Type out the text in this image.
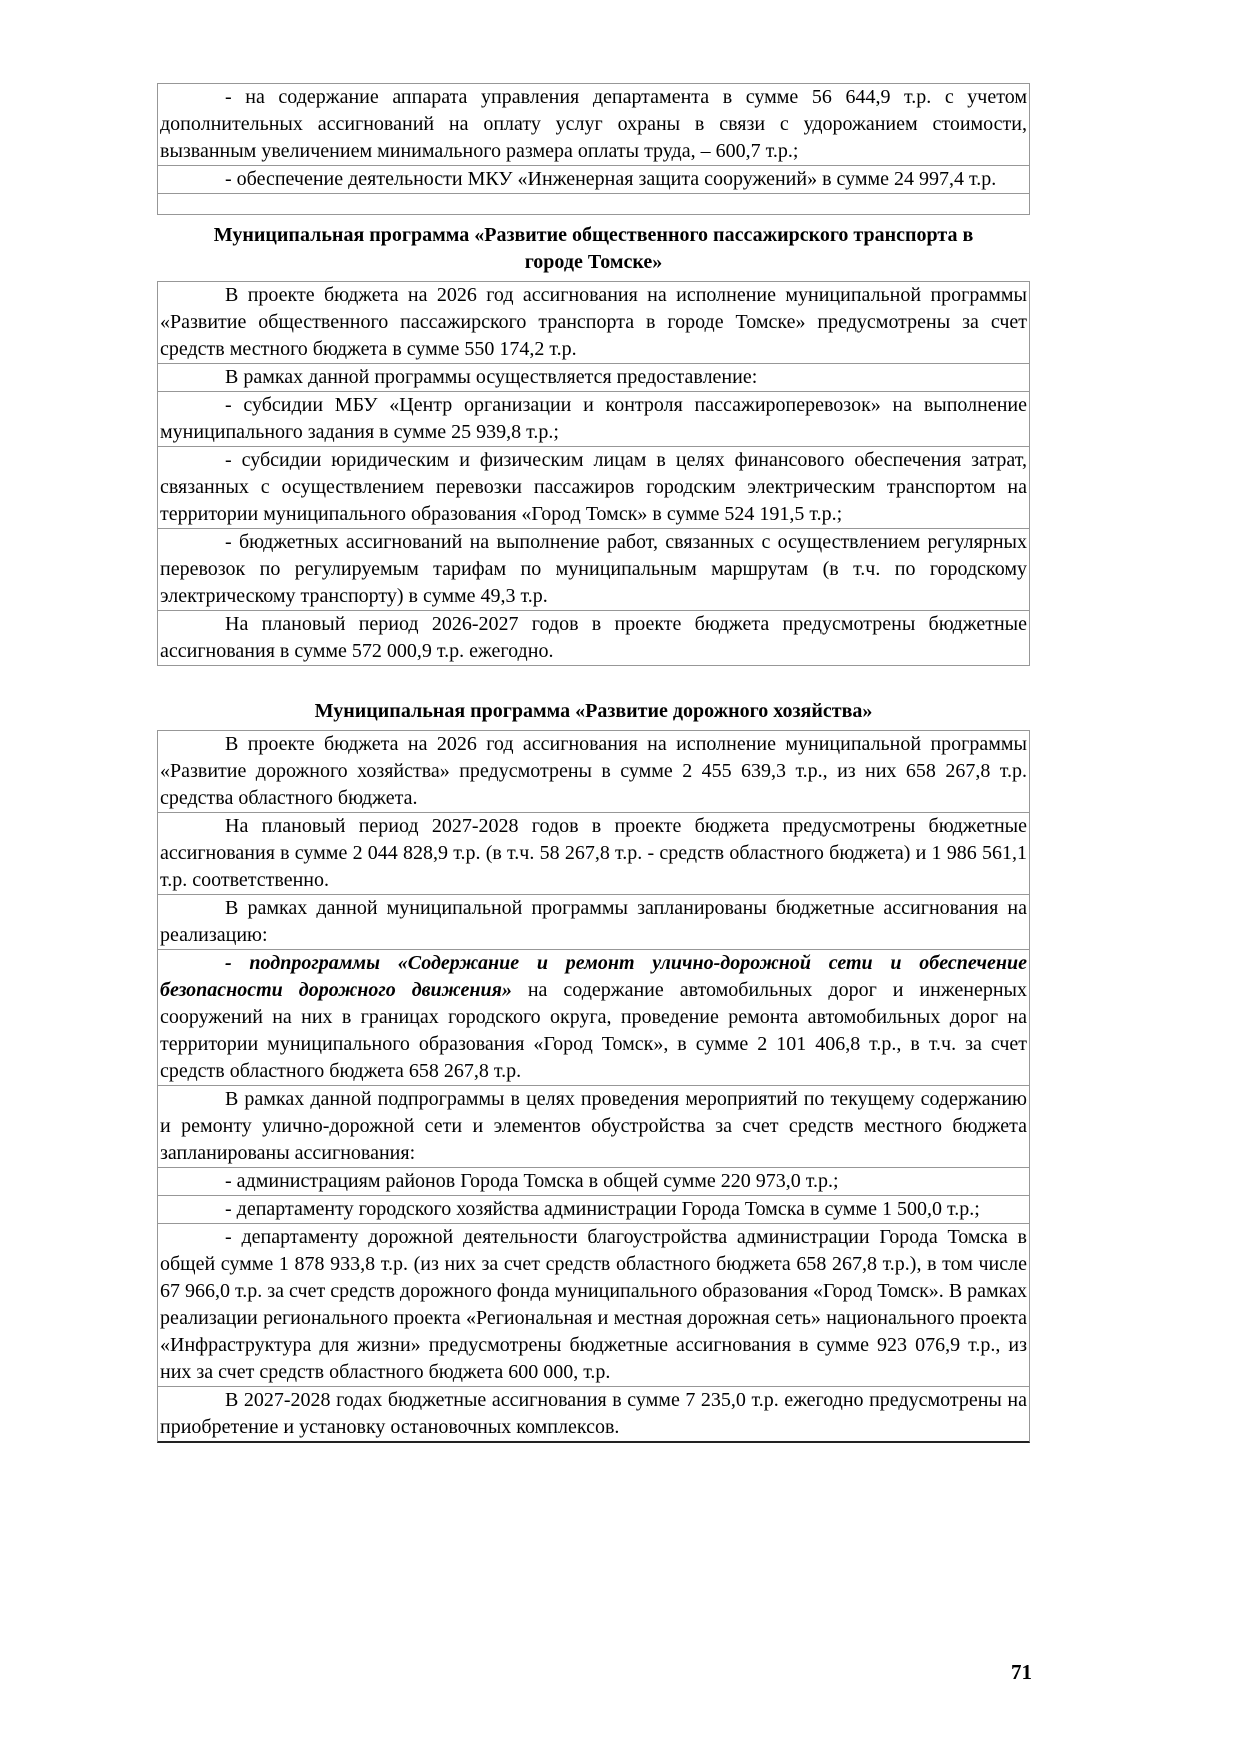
- на содержание аппарата управления департамента в сумме 56 644,9 т.р. с учетом дополнительных ассигнований на оплату услуг охраны в связи с удорожанием стоимости, вызванным увеличением минимального размера оплаты труда, – 600,7 т.р.;
- обеспечение деятельности МКУ «Инженерная защита сооружений» в сумме 24 997,4 т.р.
Муниципальная программа «Развитие общественного пассажирского транспорта в городе Томске»
В проекте бюджета на 2026 год ассигнования на исполнение муниципальной программы «Развитие общественного пассажирского транспорта в городе Томске» предусмотрены за счет средств местного бюджета в сумме 550 174,2 т.р.
В рамках данной программы осуществляется предоставление:
- субсидии МБУ «Центр организации и контроля пассажироперевозок» на выполнение муниципального задания в сумме 25 939,8 т.р.;
- субсидии юридическим и физическим лицам в целях финансового обеспечения затрат, связанных с осуществлением перевозки пассажиров городским электрическим транспортом на территории муниципального образования «Город Томск» в сумме 524 191,5 т.р.;
- бюджетных ассигнований на выполнение работ, связанных с осуществлением регулярных перевозок по регулируемым тарифам по муниципальным маршрутам (в т.ч. по городскому электрическому транспорту) в сумме 49,3 т.р.
На плановый период 2026-2027 годов в проекте бюджета предусмотрены бюджетные ассигнования в сумме 572 000,9 т.р. ежегодно.
Муниципальная программа «Развитие дорожного хозяйства»
В проекте бюджета на 2026 год ассигнования на исполнение муниципальной программы «Развитие дорожного хозяйства» предусмотрены в сумме 2 455 639,3 т.р., из них 658 267,8 т.р. средства областного бюджета.
На плановый период 2027-2028 годов в проекте бюджета предусмотрены бюджетные ассигнования в сумме 2 044 828,9 т.р. (в т.ч. 58 267,8 т.р. - средств областного бюджета) и 1 986 561,1 т.р. соответственно.
В рамках данной муниципальной программы запланированы бюджетные ассигнования на реализацию:
- подпрограммы «Содержание и ремонт улично-дорожной сети и обеспечение безопасности дорожного движения» на содержание автомобильных дорог и инженерных сооружений на них в границах городского округа, проведение ремонта автомобильных дорог на территории муниципального образования «Город Томск», в сумме 2 101 406,8 т.р., в т.ч. за счет средств областного бюджета 658 267,8 т.р.
В рамках данной подпрограммы в целях проведения мероприятий по текущему содержанию и ремонту улично-дорожной сети и элементов обустройства за счет средств местного бюджета запланированы ассигнования:
- администрациям районов Города Томска в общей сумме 220 973,0 т.р.;
- департаменту городского хозяйства администрации Города Томска в сумме 1 500,0 т.р.;
- департаменту дорожной деятельности благоустройства администрации Города Томска в общей сумме 1 878 933,8 т.р. (из них за счет средств областного бюджета 658 267,8 т.р.), в том числе 67 966,0 т.р. за счет средств дорожного фонда муниципального образования «Город Томск». В рамках реализации регионального проекта «Региональная и местная дорожная сеть» национального проекта «Инфраструктура для жизни» предусмотрены бюджетные ассигнования в сумме 923 076,9 т.р., из них за счет средств областного бюджета 600 000, т.р.
В 2027-2028 годах бюджетные ассигнования в сумме 7 235,0 т.р. ежегодно предусмотрены на приобретение и установку остановочных комплексов.
71
